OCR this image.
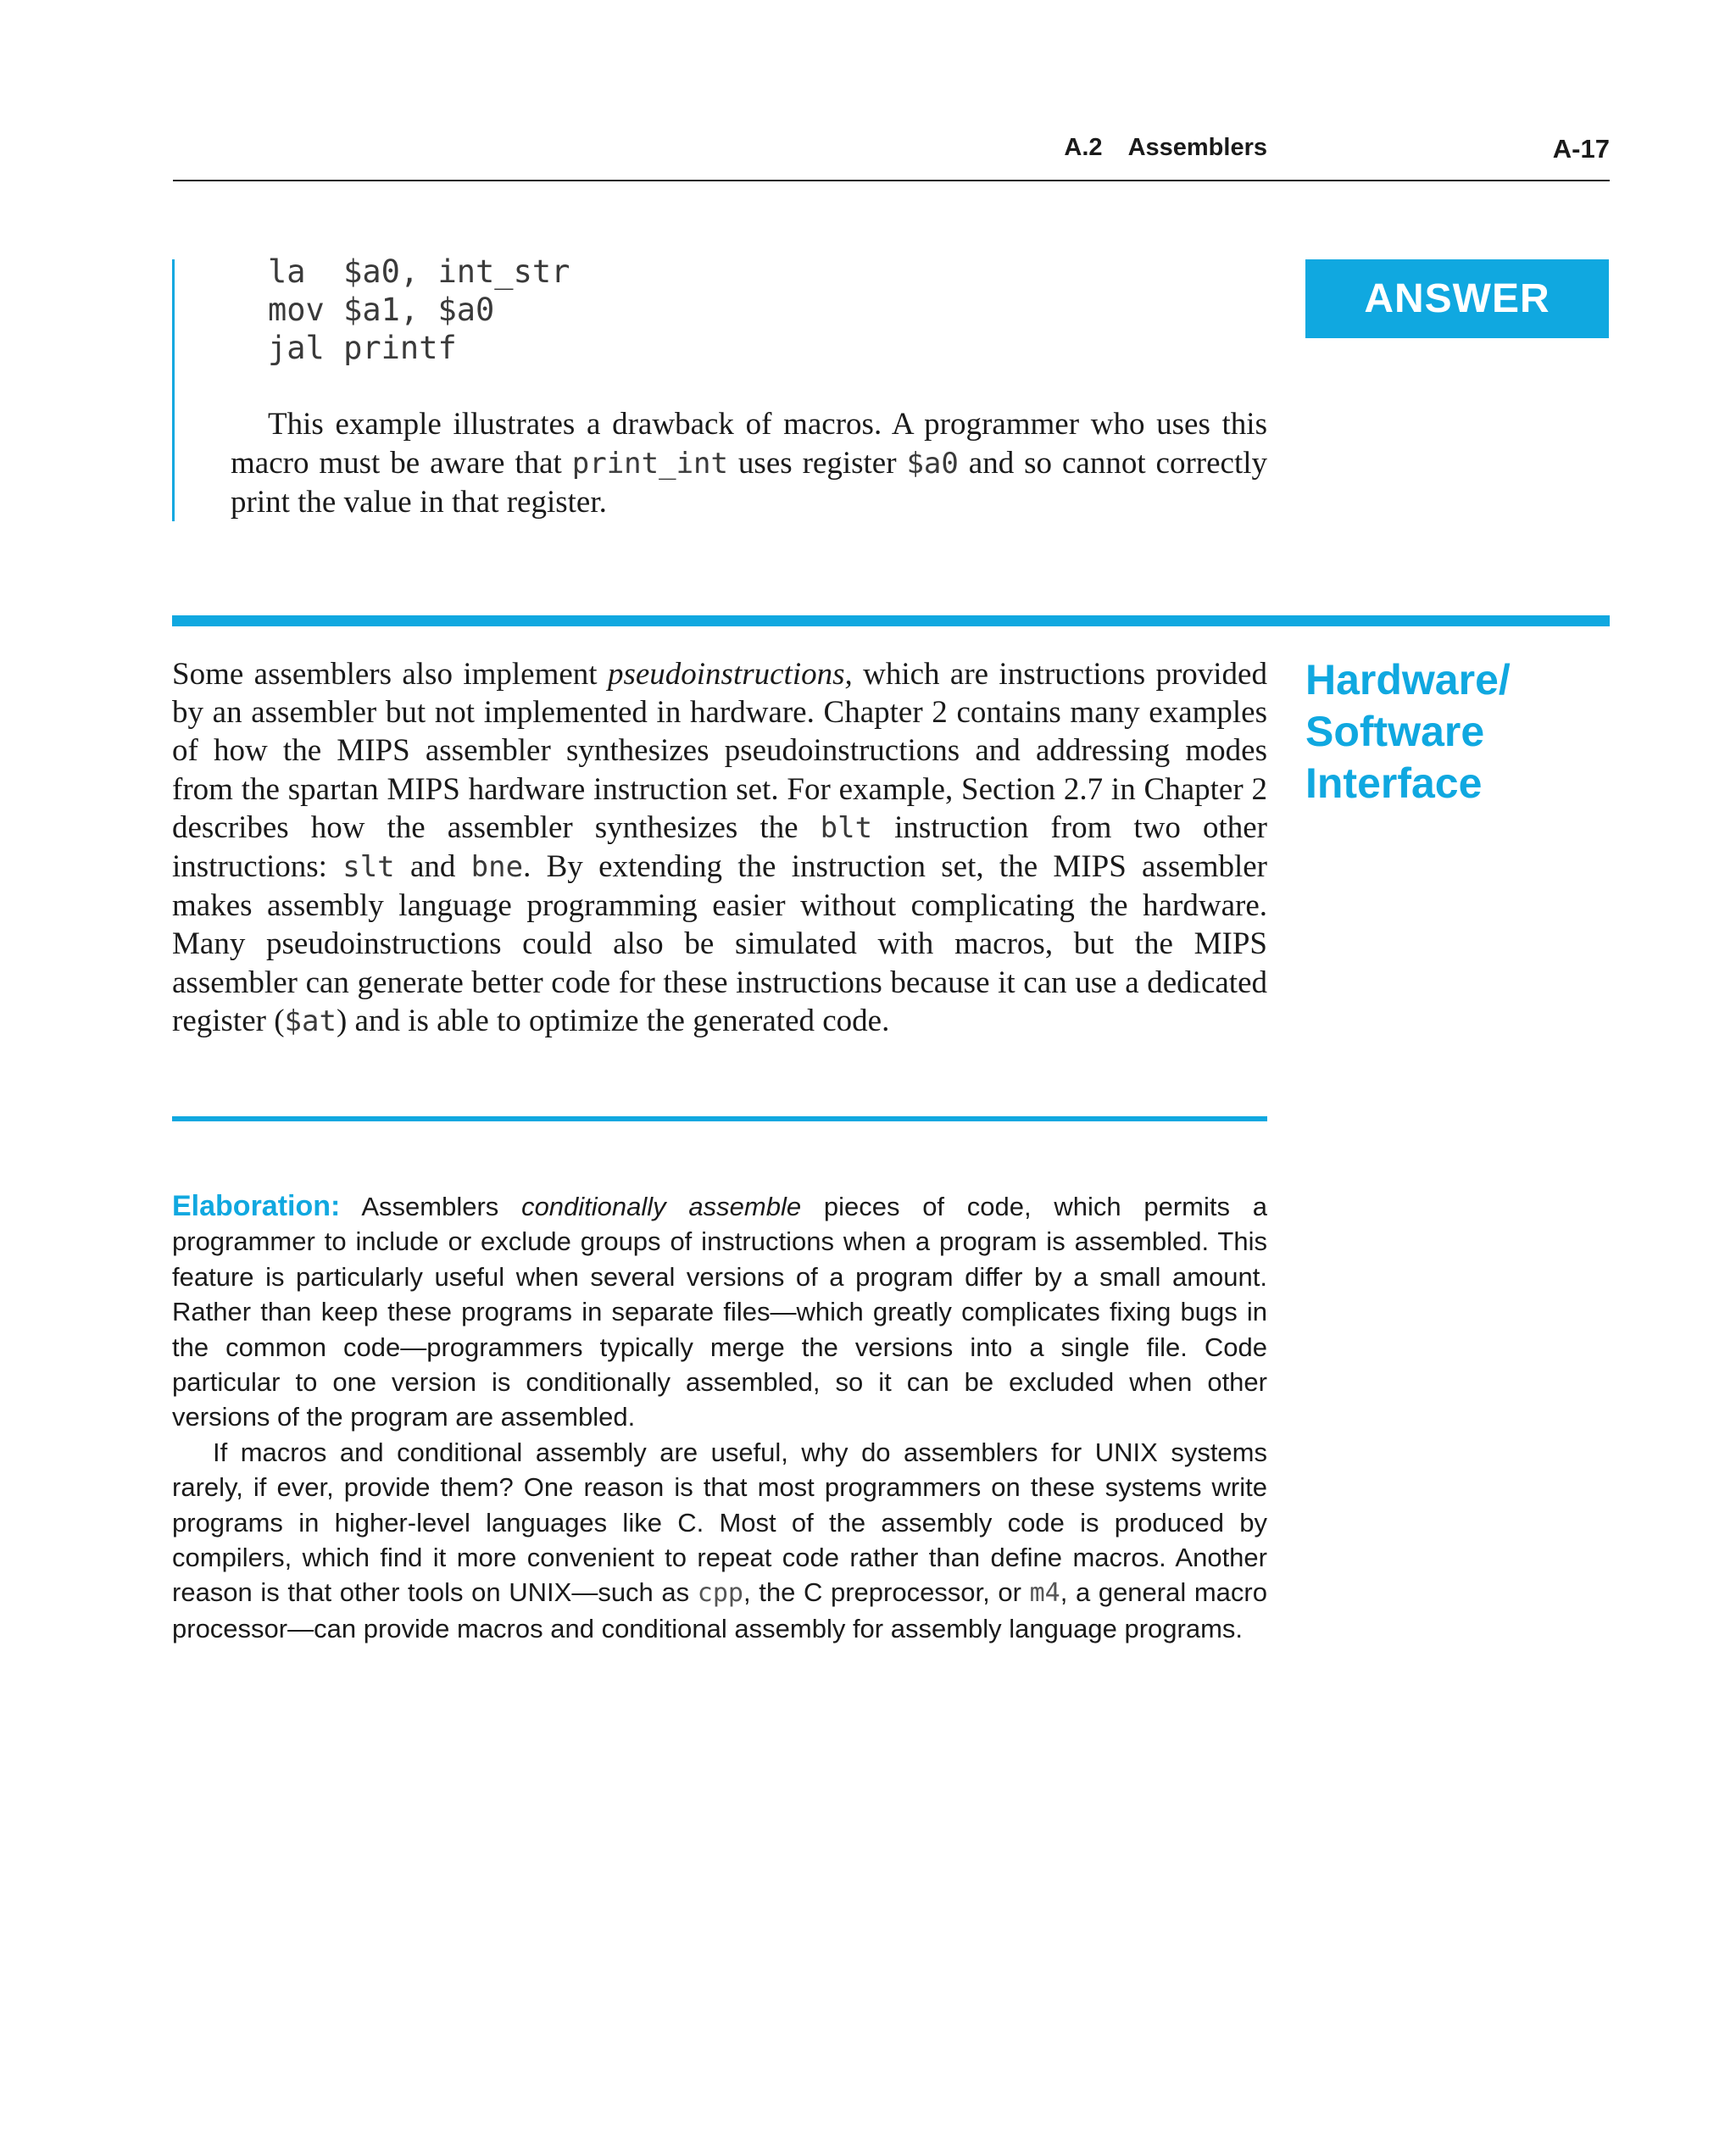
A.2 Assemblers	A-17
la  $a0, int_str
mov $a1, $a0
jal printf
ANSWER
This example illustrates a drawback of macros. A programmer who uses this macro must be aware that print_int uses register $a0 and so cannot correctly print the value in that register.
Some assemblers also implement pseudoinstructions, which are instructions provided by an assembler but not implemented in hardware. Chapter 2 contains many examples of how the MIPS assembler synthesizes pseudoinstructions and addressing modes from the spartan MIPS hardware instruction set. For example, Section 2.7 in Chapter 2 describes how the assembler synthesizes the blt instruction from two other instructions: slt and bne. By extending the instruction set, the MIPS assembler makes assembly language programming easier without complicating the hardware. Many pseudoinstructions could also be simulated with macros, but the MIPS assembler can generate better code for these instructions because it can use a dedicated register ($at) and is able to optimize the generated code.
Hardware/ Software Interface

Elaboration: Assemblers conditionally assemble pieces of code, which permits a programmer to include or exclude groups of instructions when a program is assembled. This feature is particularly useful when several versions of a program differ by a small amount. Rather than keep these programs in separate files—which greatly complicates fixing bugs in the common code—programmers typically merge the versions into a single file. Code particular to one version is conditionally assembled, so it can be excluded when other versions of the program are assembled.

If macros and conditional assembly are useful, why do assemblers for UNIX systems rarely, if ever, provide them? One reason is that most programmers on these systems write programs in higher-level languages like C. Most of the assembly code is produced by compilers, which find it more convenient to repeat code rather than define macros. Another reason is that other tools on UNIX—such as cpp, the C preprocessor, or m4, a general macro processor—can provide macros and conditional assembly for assembly language programs.
